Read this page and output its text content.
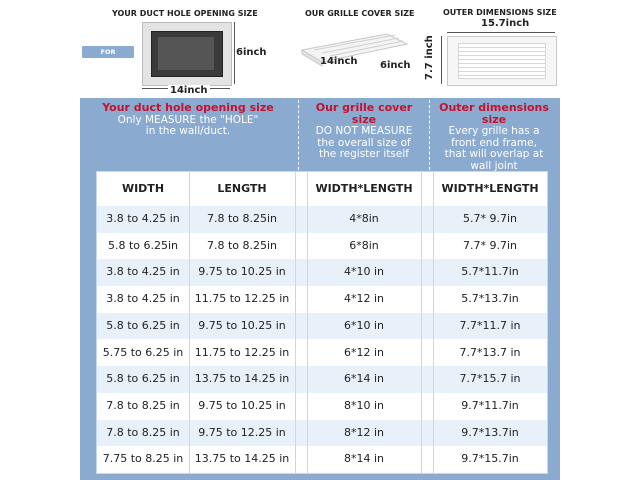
YOUR DUCT HOLE OPENING SIZE
FOR EXAMPLE:
14inch
6inch
OUR GRILLE COVER SIZE
14inch 6inch
OUTER DIMENSIONS SIZE
15.7inch
7.7 inch
Your duct hole opening size
Only MEASURE the "HOLE"
in the wall/duct.
Our grille cover size
DO NOT MEASURE
the overall size of
the register itself
Outer dimensions size
Every grille has a
front end frame,
that will overlap at
wall joint
WIDTH	LENGTH	WIDTH*LENGTH	WIDTH*LENGTH
3.8 to 4.25 in	7.8 to 8.25in	4*8in	5.7* 9.7in
5.8 to 6.25in	7.8 to 8.25in	6*8in	7.7* 9.7in
3.8 to 4.25 in	9.75 to 10.25 in	4*10 in	5.7*11.7in
3.8 to 4.25 in	11.75 to 12.25 in	4*12 in	5.7*13.7in
5.8 to 6.25 in	9.75 to 10.25 in	6*10 in	7.7*11.7 in
5.75 to 6.25 in	11.75 to 12.25 in	6*12 in	7.7*13.7 in
5.8 to 6.25 in	13.75 to 14.25 in	6*14 in	7.7*15.7 in
7.8 to 8.25 in	9.75 to 10.25 in	8*10 in	9.7*11.7in
7.8 to 8.25 in	9.75 to 12.25 in	8*12 in	9.7*13.7in
7.75 to 8.25 in	13.75 to 14.25 in	8*14 in	9.7*15.7in
